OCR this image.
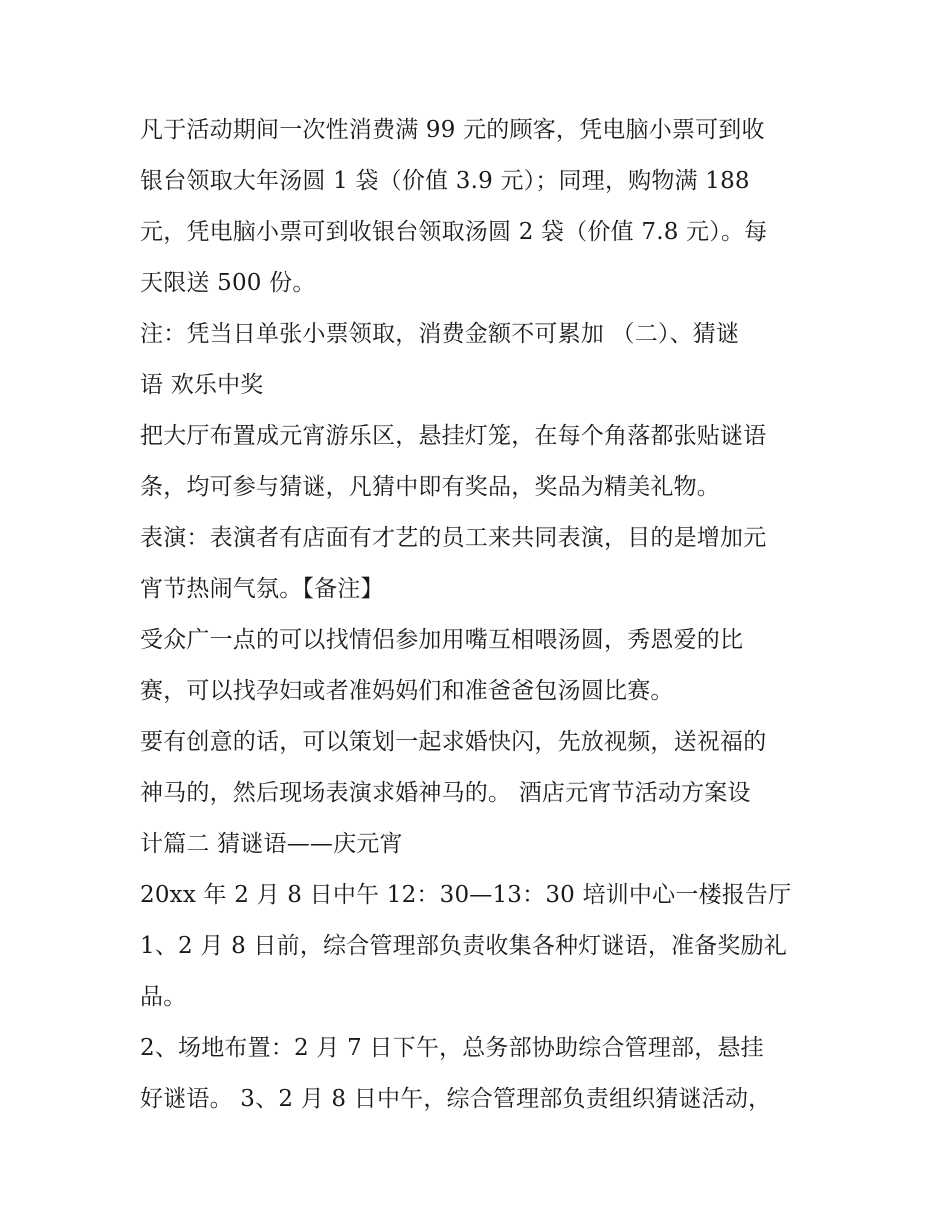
凡于活动期间一次性消费满 99 元的顾客，凭电脑小票可到收
银台领取大年汤圆 1 袋（价值 3.9 元）；同理，购物满 188
元，凭电脑小票可到收银台领取汤圆 2 袋（价值 7.8 元）。每
天限送 500 份。
注：凭当日单张小票领取，消费金额不可累加 （二）、猜谜
语 欢乐中奖
把大厅布置成元宵游乐区，悬挂灯笼，在每个角落都张贴谜语
条，均可参与猜谜，凡猜中即有奖品，奖品为精美礼物。
表演：表演者有店面有才艺的员工来共同表演，目的是增加元
宵节热闹气氛。【备注】
受众广一点的可以找情侣参加用嘴互相喂汤圆，秀恩爱的比
赛，可以找孕妇或者准妈妈们和准爸爸包汤圆比赛。
要有创意的话，可以策划一起求婚快闪，先放视频，送祝福的
神马的，然后现场表演求婚神马的。 酒店元宵节活动方案设
计篇二 猜谜语——庆元宵
20xx 年 2 月 8 日中午 12：30—13：30 培训中心一楼报告厅
1、2 月 8 日前，综合管理部负责收集各种灯谜语，准备奖励礼
品。
2、场地布置：2 月 7 日下午，总务部协助综合管理部，悬挂
好谜语。 3、2 月 8 日中午，综合管理部负责组织猜谜活动，
